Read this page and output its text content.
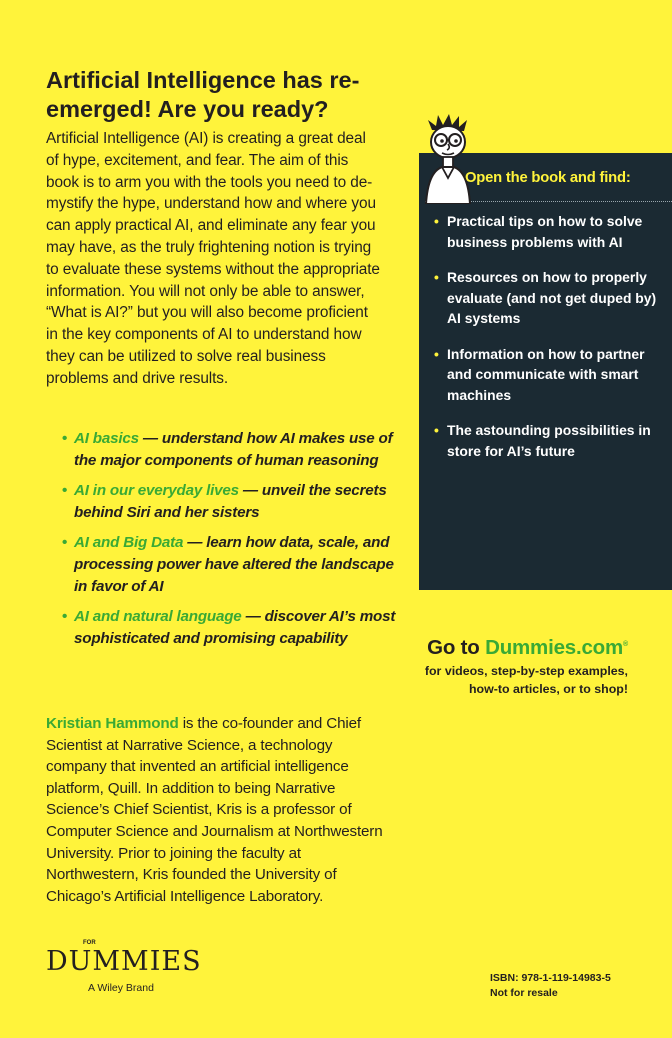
Artificial Intelligence has re-emerged! Are you ready?

Artificial Intelligence (AI) is creating a great deal of hype, excitement, and fear. The aim of this book is to arm you with the tools you need to de-mystify the hype, understand how and where you can apply practical AI, and eliminate any fear you may have, as the truly frightening notion is trying to evaluate these systems without the appropriate information. You will not only be able to answer, “What is AI?” but you will also become proficient in the key components of AI to understand how they can be utilized to solve real business problems and drive results.

• AI basics — understand how AI makes use of the major components of human reasoning
• AI in our everyday lives — unveil the secrets behind Siri and her sisters
• AI and Big Data — learn how data, scale, and processing power have altered the landscape in favor of AI
• AI and natural language — discover AI’s most sophisticated and promising capability

Open the book and find:

• Practical tips on how to solve business problems with AI
• Resources on how to properly evaluate (and not get duped by) AI systems
• Information on how to partner and communicate with smart machines
• The astounding possibilities in store for AI’s future

Go to Dummies.com®

for videos, step-by-step examples,
how-to articles, or to shop!

Kristian Hammond is the co-founder and Chief Scientist at Narrative Science, a technology company that invented an artificial intelligence platform, Quill. In addition to being Narrative Science’s Chief Scientist, Kris is a professor of Computer Science and Journalism at Northwestern University. Prior to joining the faculty at Northwestern, Kris founded the University of Chicago’s Artificial Intelligence Laboratory.

FOR
DUMMIES
A Wiley Brand

ISBN: 978-1-119-14983-5

Not for resale
